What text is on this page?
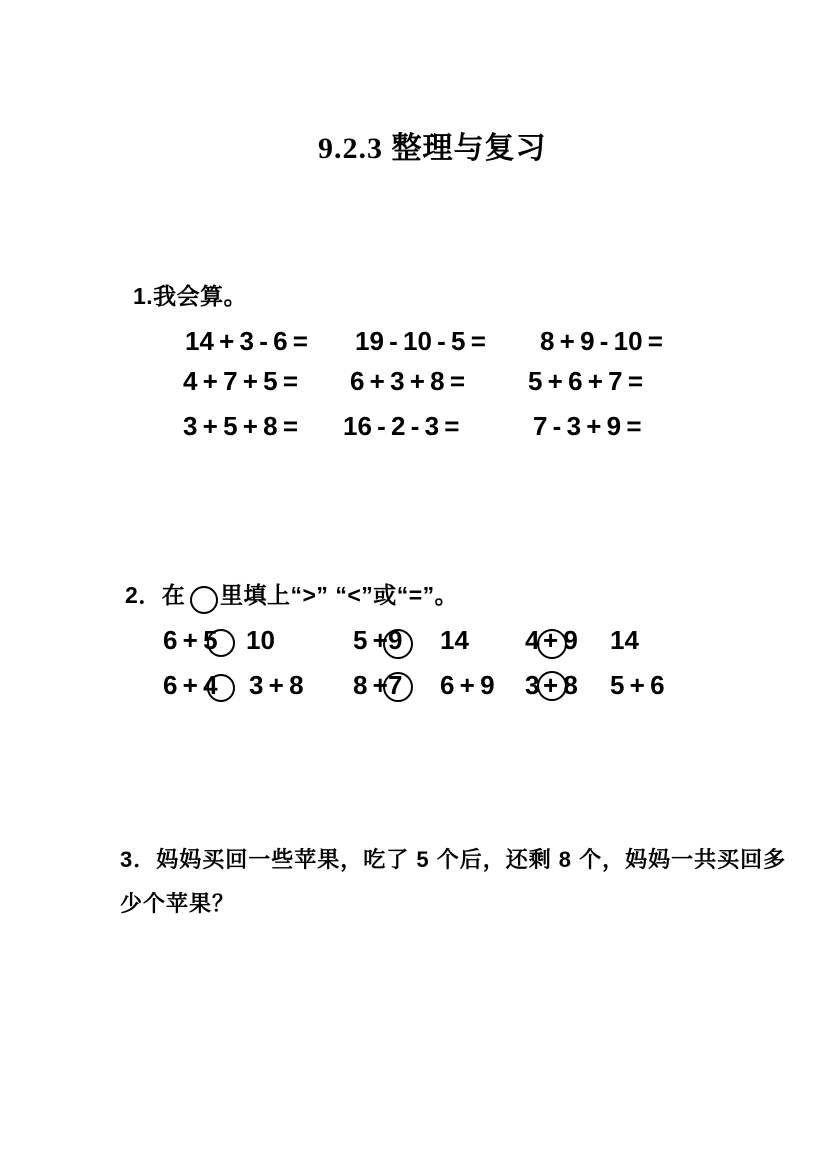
9.2.3 整理与复习
1.我会算。
14 + 3 - 6 = 19 - 10 - 5 = 8 + 9 - 10 =
4 + 7 + 5 = 6 + 3 + 8 = 5 + 6 + 7 =
3 + 5 + 8 = 16 - 2 - 3 =	7 - 3 + 9 =
2．在 里填上“>” “<”或“=”。
6 + 5 10	5 + 9 14 4 + 9 14
6 + 4 3 + 8 8 + 7 6 + 9 3 + 8 5 + 6
3．妈妈买回一些苹果，吃了 5 个后，还剩 8 个，妈妈一共买回多
少个苹果？
